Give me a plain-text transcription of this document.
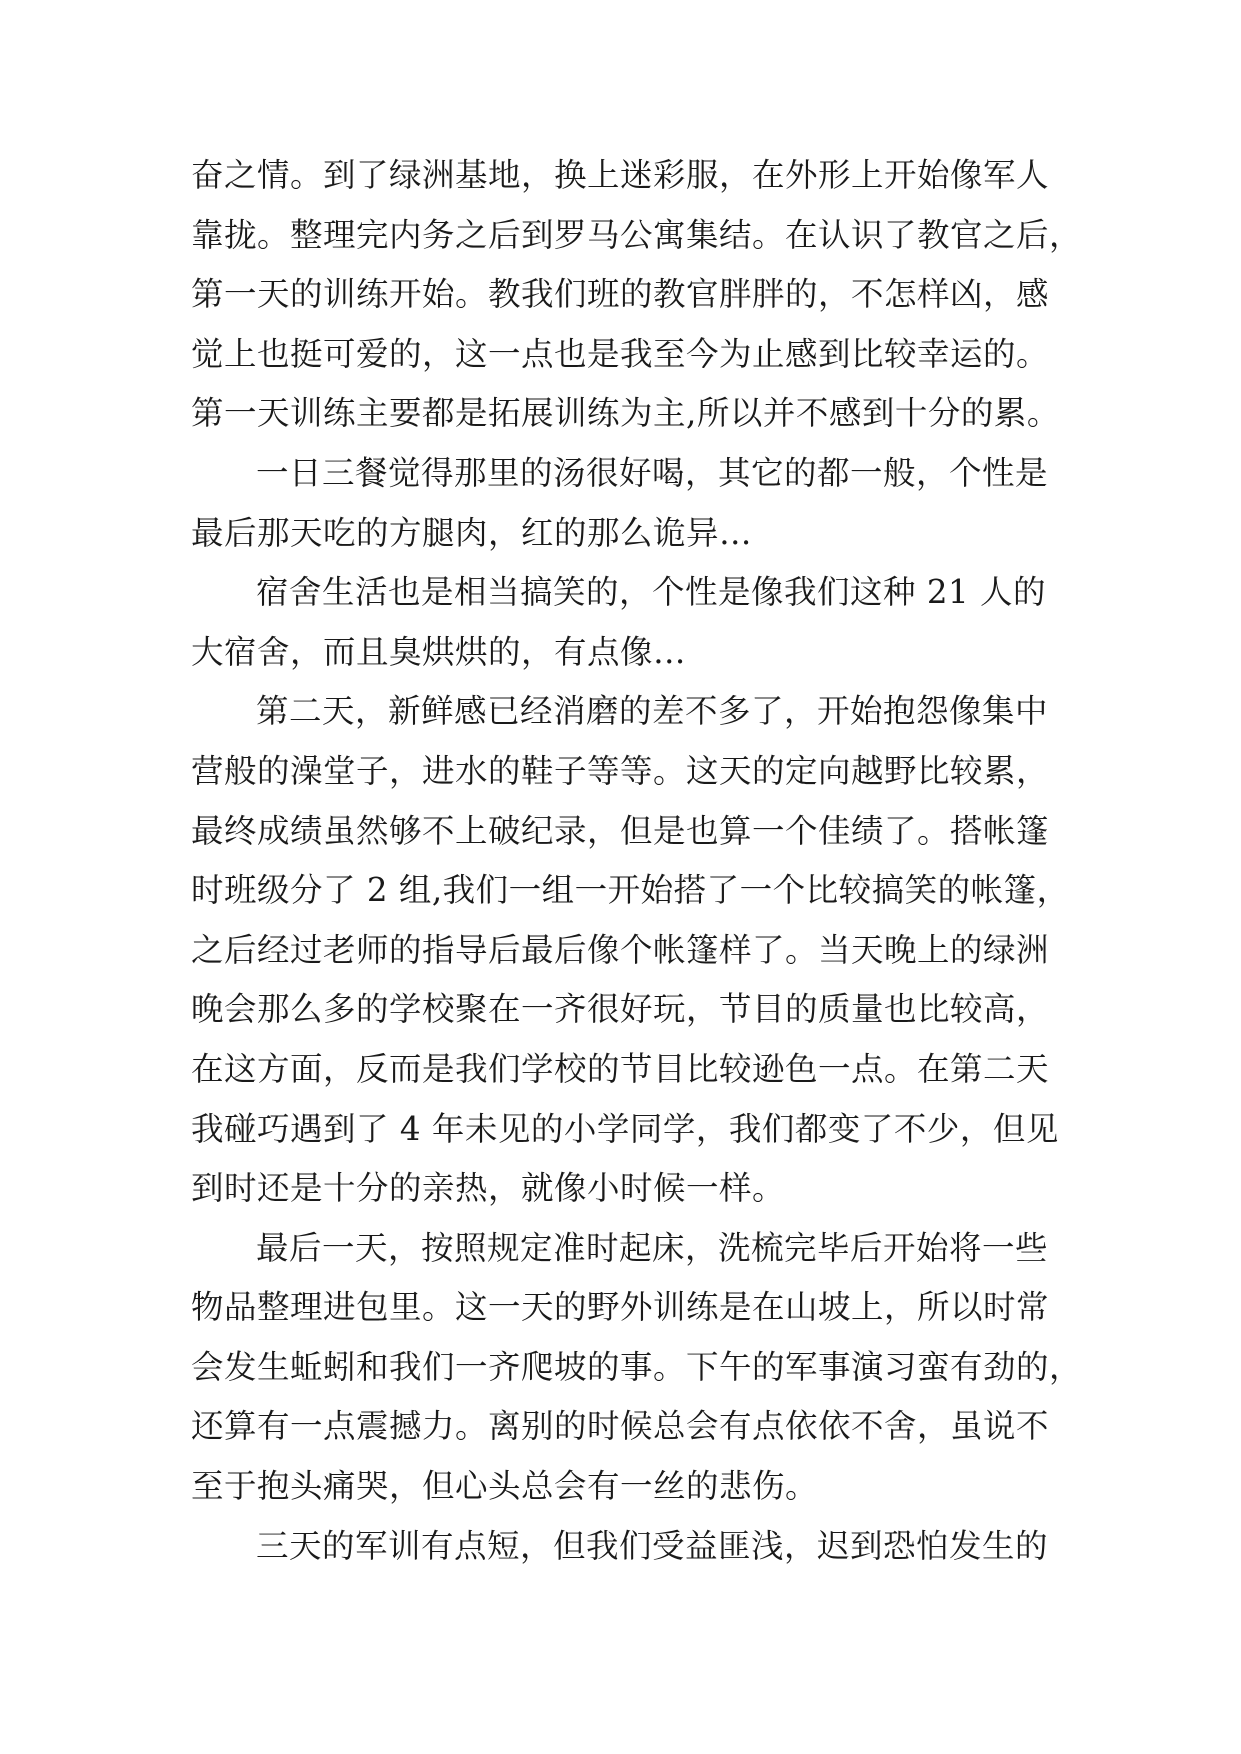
奋之情。到了绿洲基地，换上迷彩服，在外形上开始像军人
靠拢。整理完内务之后到罗马公寓集结。在认识了教官之后，
第一天的训练开始。教我们班的教官胖胖的，不怎样凶，感
觉上也挺可爱的，这一点也是我至今为止感到比较幸运的。
第一天训练主要都是拓展训练为主,所以并不感到十分的累。

一日三餐觉得那里的汤很好喝，其它的都一般，个性是

最后那天吃的方腿肉，红的那么诡异…

宿舍生活也是相当搞笑的，个性是像我们这种 21 人的

大宿舍，而且臭烘烘的，有点像…

第二天，新鲜感已经消磨的差不多了，开始抱怨像集中

营般的澡堂子，进水的鞋子等等。这天的定向越野比较累，
最终成绩虽然够不上破纪录，但是也算一个佳绩了。搭帐篷
时班级分了 2 组,我们一组一开始搭了一个比较搞笑的帐篷，
之后经过老师的指导后最后像个帐篷样了。当天晚上的绿洲
晚会那么多的学校聚在一齐很好玩，节目的质量也比较高，
在这方面，反而是我们学校的节目比较逊色一点。在第二天
我碰巧遇到了 4 年未见的小学同学，我们都变了不少，但见
到时还是十分的亲热，就像小时候一样。

最后一天，按照规定准时起床，洗梳完毕后开始将一些

物品整理进包里。这一天的野外训练是在山坡上，所以时常
会发生蚯蚓和我们一齐爬坡的事。下午的军事演习蛮有劲的，
还算有一点震撼力。离别的时候总会有点依依不舍，虽说不
至于抱头痛哭，但心头总会有一丝的悲伤。

三天的军训有点短，但我们受益匪浅，迟到恐怕发生的
